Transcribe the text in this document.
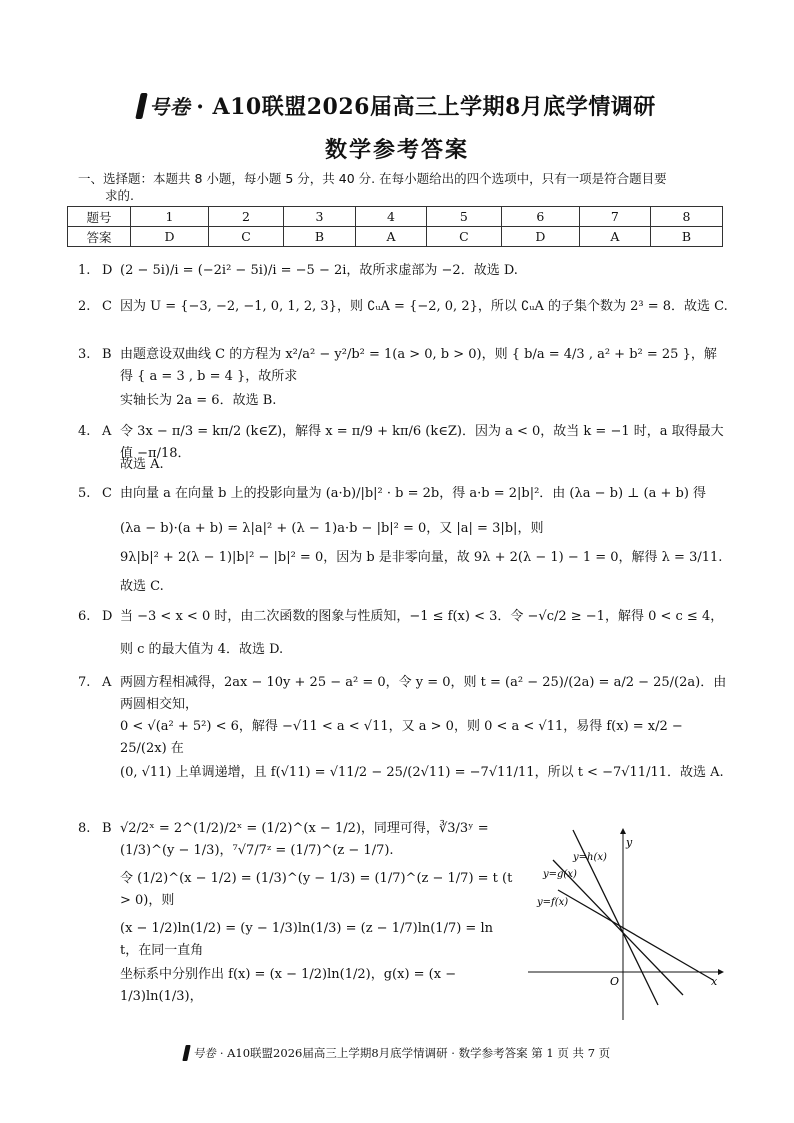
号卷 · A10联盟2026届高三上学期8月底学情调研
数学参考答案
一、选择题：本题共 8 小题，每小题 5 分，共 40 分. 在每小题给出的四个选项中，只有一项是符合题目要
求的.
题号	1	2	3	4	5	6	7	8
答案	D	C	B	A	C	D	A	B
1. D (2 − 5i)/i = (−2i² − 5i)/i = −5 − 2i，故所求虚部为 −2．故选 D.
2. C 因为 U = {−3, −2, −1, 0, 1, 2, 3}，则 ∁ᵤA = {−2, 0, 2}，所以 ∁ᵤA 的子集个数为 2³ = 8．故选 C.
3. B 由题意设双曲线 C 的方程为 x²/a² − y²/b² = 1(a > 0, b > 0)，则 { b/a = 4/3 , a² + b² = 25 }，解得 { a = 3 , b = 4 }，故所求
实轴长为 2a = 6．故选 B.
4. A 令 3x − π/3 = kπ/2 (k∈Z)，解得 x = π/9 + kπ/6 (k∈Z)．因为 a < 0，故当 k = −1 时，a 取得最大值 −π/18．
故选 A.
5. C 由向量 a 在向量 b 上的投影向量为 (a·b)/|b|² · b = 2b，得 a·b = 2|b|²．由 (λa − b) ⊥ (a + b) 得
(λa − b)·(a + b) = λ|a|² + (λ − 1)a·b − |b|² = 0，又 |a| = 3|b|，则
9λ|b|² + 2(λ − 1)|b|² − |b|² = 0，因为 b 是非零向量，故 9λ + 2(λ − 1) − 1 = 0，解得 λ = 3/11.
故选 C.
6. D 当 −3 < x < 0 时，由二次函数的图象与性质知，−1 ≤ f(x) < 3．令 −√c/2 ≥ −1，解得 0 < c ≤ 4，
则 c 的最大值为 4．故选 D.
7. A 两圆方程相减得，2ax − 10y + 25 − a² = 0，令 y = 0，则 t = (a² − 25)/(2a) = a/2 − 25/(2a)．由两圆相交知，
0 < √(a² + 5²) < 6，解得 −√11 < a < √11，又 a > 0，则 0 < a < √11，易得 f(x) = x/2 − 25/(2x) 在
(0, √11) 上单调递增，且 f(√11) = √11/2 − 25/(2√11) = −7√11/11，所以 t < −7√11/11．故选 A.
8. B √2/2ˣ = 2^(1/2)/2ˣ = (1/2)^(x − 1/2)，同理可得，∛3/3ʸ = (1/3)^(y − 1/3)，⁷√7/7ᶻ = (1/7)^(z − 1/7).
令 (1/2)^(x − 1/2) = (1/3)^(y − 1/3) = (1/7)^(z − 1/7) = t (t > 0)，则
(x − 1/2)ln(1/2) = (y − 1/3)ln(1/3) = (z − 1/7)ln(1/7) = ln t，在同一直角
坐标系中分别作出 f(x) = (x − 1/2)ln(1/2)，g(x) = (x − 1/3)ln(1/3)，
y
x
O
y=h(x)
y=g(x)
y=f(x)
号卷 · A10联盟2026届高三上学期8月底学情调研 · 数学参考答案 第 1 页 共 7 页
